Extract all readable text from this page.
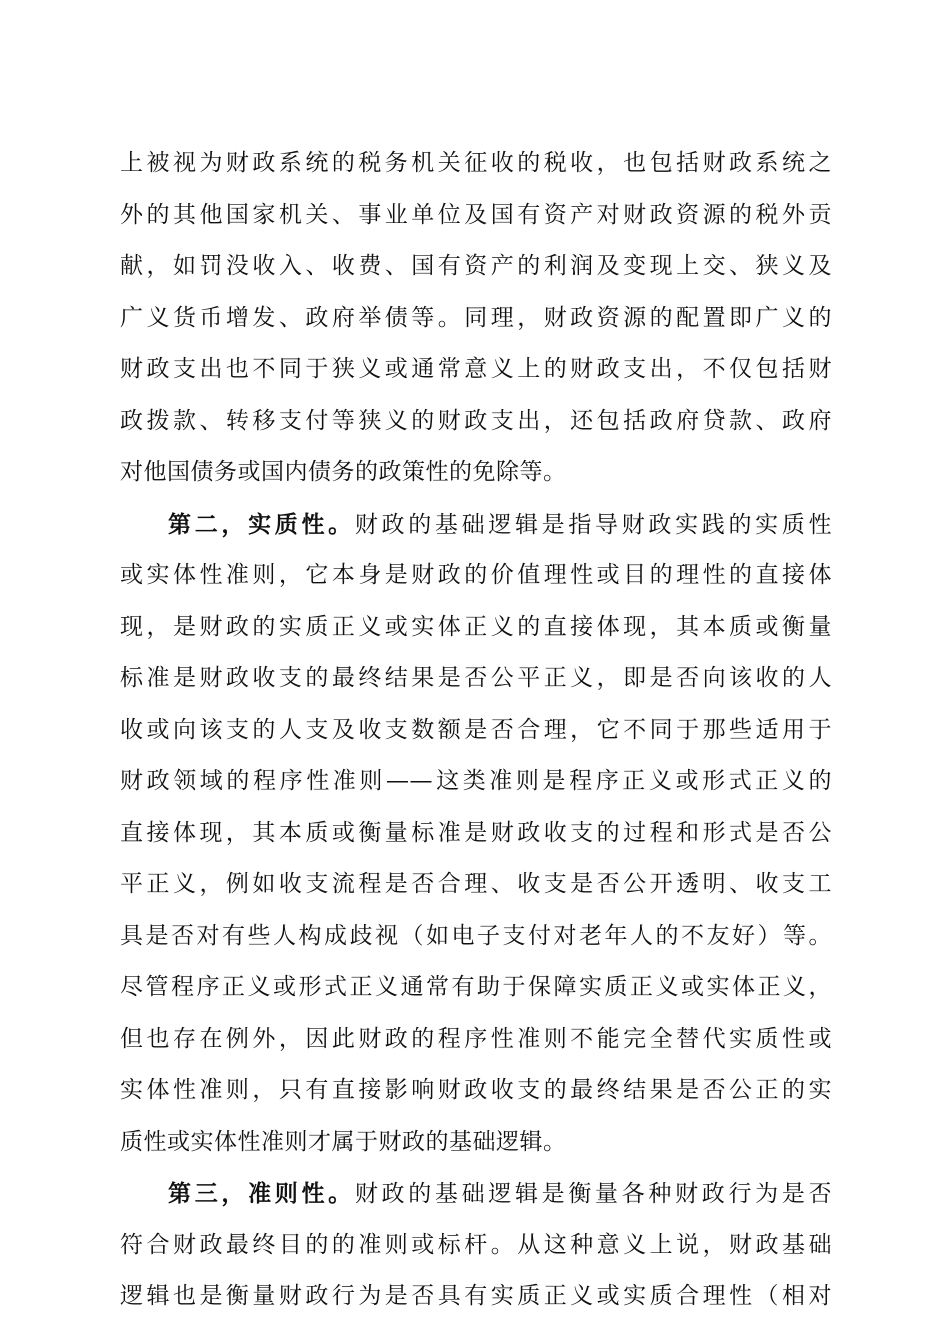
上被视为财政系统的税务机关征收的税收，也包括财政系统之
外的其他国家机关、事业单位及国有资产对财政资源的税外贡
献，如罚没收入、收费、国有资产的利润及变现上交、狭义及
广义货币增发、政府举债等。同理，财政资源的配置即广义的
财政支出也不同于狭义或通常意义上的财政支出，不仅包括财
政拨款、转移支付等狭义的财政支出，还包括政府贷款、政府
对他国债务或国内债务的政策性的免除等。
第二，实质性。财政的基础逻辑是指导财政实践的实质性
或实体性准则，它本身是财政的价值理性或目的理性的直接体
现，是财政的实质正义或实体正义的直接体现，其本质或衡量
标准是财政收支的最终结果是否公平正义，即是否向该收的人
收或向该支的人支及收支数额是否合理，它不同于那些适用于
财政领域的程序性准则——这类准则是程序正义或形式正义的
直接体现，其本质或衡量标准是财政收支的过程和形式是否公
平正义，例如收支流程是否合理、收支是否公开透明、收支工
具是否对有些人构成歧视（如电子支付对老年人的不友好）等。
尽管程序正义或形式正义通常有助于保障实质正义或实体正义，
但也存在例外，因此财政的程序性准则不能完全替代实质性或
实体性准则，只有直接影响财政收支的最终结果是否公正的实
质性或实体性准则才属于财政的基础逻辑。
第三，准则性。财政的基础逻辑是衡量各种财政行为是否
符合财政最终目的的准则或标杆。从这种意义上说，财政基础
逻辑也是衡量财政行为是否具有实质正义或实质合理性（相对
